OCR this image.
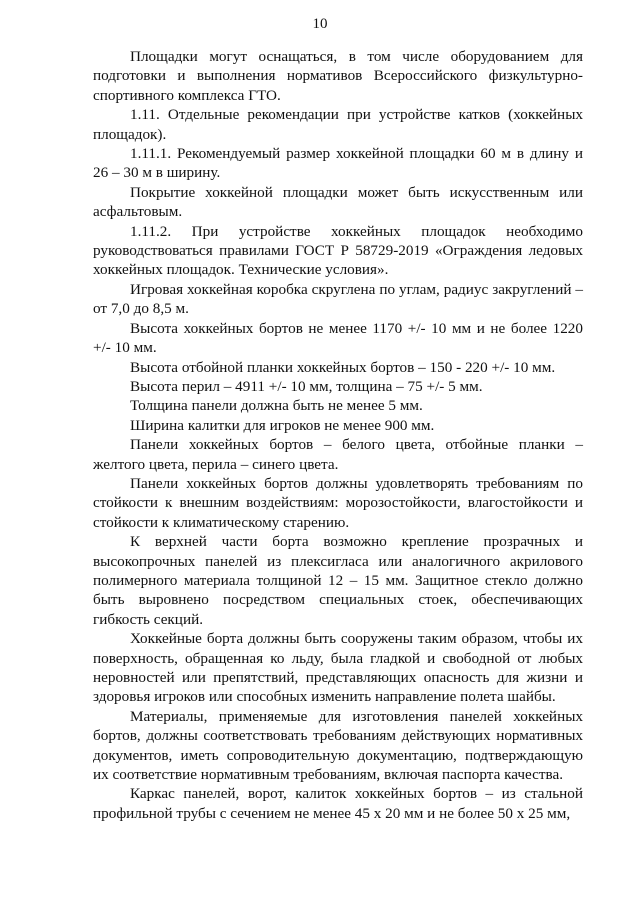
10

Площадки могут оснащаться, в том числе оборудованием для подготовки и выполнения нормативов Всероссийского физкультурно-спортивного комплекса ГТО.

1.11. Отдельные рекомендации при устройстве катков (хоккейных площадок).

1.11.1. Рекомендуемый размер хоккейной площадки 60 м в длину и 26 – 30 м в ширину.

Покрытие хоккейной площадки может быть искусственным или асфальтовым.

1.11.2. При устройстве хоккейных площадок необходимо руководствоваться правилами ГОСТ Р 58729-2019 «Ограждения ледовых хоккейных площадок. Технические условия».

Игровая хоккейная коробка скруглена по углам, радиус закруглений – от 7,0 до 8,5 м.

Высота хоккейных бортов не менее 1170 +/- 10 мм и не более 1220 +/- 10 мм.

Высота отбойной планки хоккейных бортов – 150 - 220 +/- 10 мм.

Высота перил – 4911 +/- 10 мм, толщина – 75 +/- 5 мм.

Толщина панели должна быть не менее 5 мм.

Ширина калитки для игроков не менее 900 мм.

Панели хоккейных бортов – белого цвета, отбойные планки – желтого цвета, перила – синего цвета.

Панели хоккейных бортов должны удовлетворять требованиям по стойкости к внешним воздействиям: морозостойкости, влагостойкости и стойкости к климатическому старению.

К верхней части борта возможно крепление прозрачных и высокопрочных панелей из плексигласа или аналогичного акрилового полимерного материала толщиной 12 – 15 мм. Защитное стекло должно быть выровнено посредством специальных стоек, обеспечивающих гибкость секций.

Хоккейные борта должны быть сооружены таким образом, чтобы их поверхность, обращенная ко льду, была гладкой и свободной от любых неровностей или препятствий, представляющих опасность для жизни и здоровья игроков или способных изменить направление полета шайбы.

Материалы, применяемые для изготовления панелей хоккейных бортов, должны соответствовать требованиям действующих нормативных документов, иметь сопроводительную документацию, подтверждающую их соответствие нормативным требованиям, включая паспорта качества.

Каркас панелей, ворот, калиток хоккейных бортов – из стальной профильной трубы с сечением не менее 45 х 20 мм и не более 50 х 25 мм,
